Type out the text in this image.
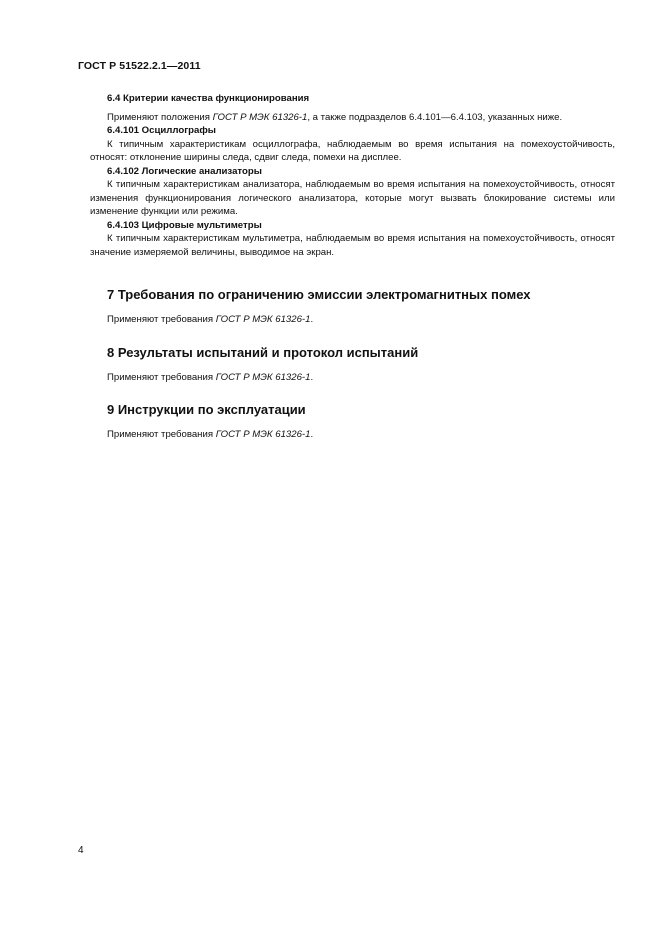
ГОСТ Р 51522.2.1—2011

6.4 Критерии качества функционирования

Применяют положения ГОСТ Р МЭК 61326-1, а также подразделов 6.4.101—6.4.103, указанных ниже.

6.4.101 Осциллографы

К типичным характеристикам осциллографа, наблюдаемым во время испытания на помехоустойчивость, относят: отклонение ширины следа, сдвиг следа, помехи на дисплее.

6.4.102 Логические анализаторы

К типичным характеристикам анализатора, наблюдаемым во время испытания на помехоустойчивость, относят изменения функционирования логического анализатора, которые могут вызвать блокирование системы или изменение функции или режима.

6.4.103 Цифровые мультиметры

К типичным характеристикам мультиметра, наблюдаемым во время испытания на помехоустойчивость, относят значение измеряемой величины, выводимое на экран.

7 Требования по ограничению эмиссии электромагнитных помех

Применяют требования ГОСТ Р МЭК 61326-1.

8 Результаты испытаний и протокол испытаний

Применяют требования ГОСТ Р МЭК 61326-1.

9 Инструкции по эксплуатации

Применяют требования ГОСТ Р МЭК 61326-1.

4
